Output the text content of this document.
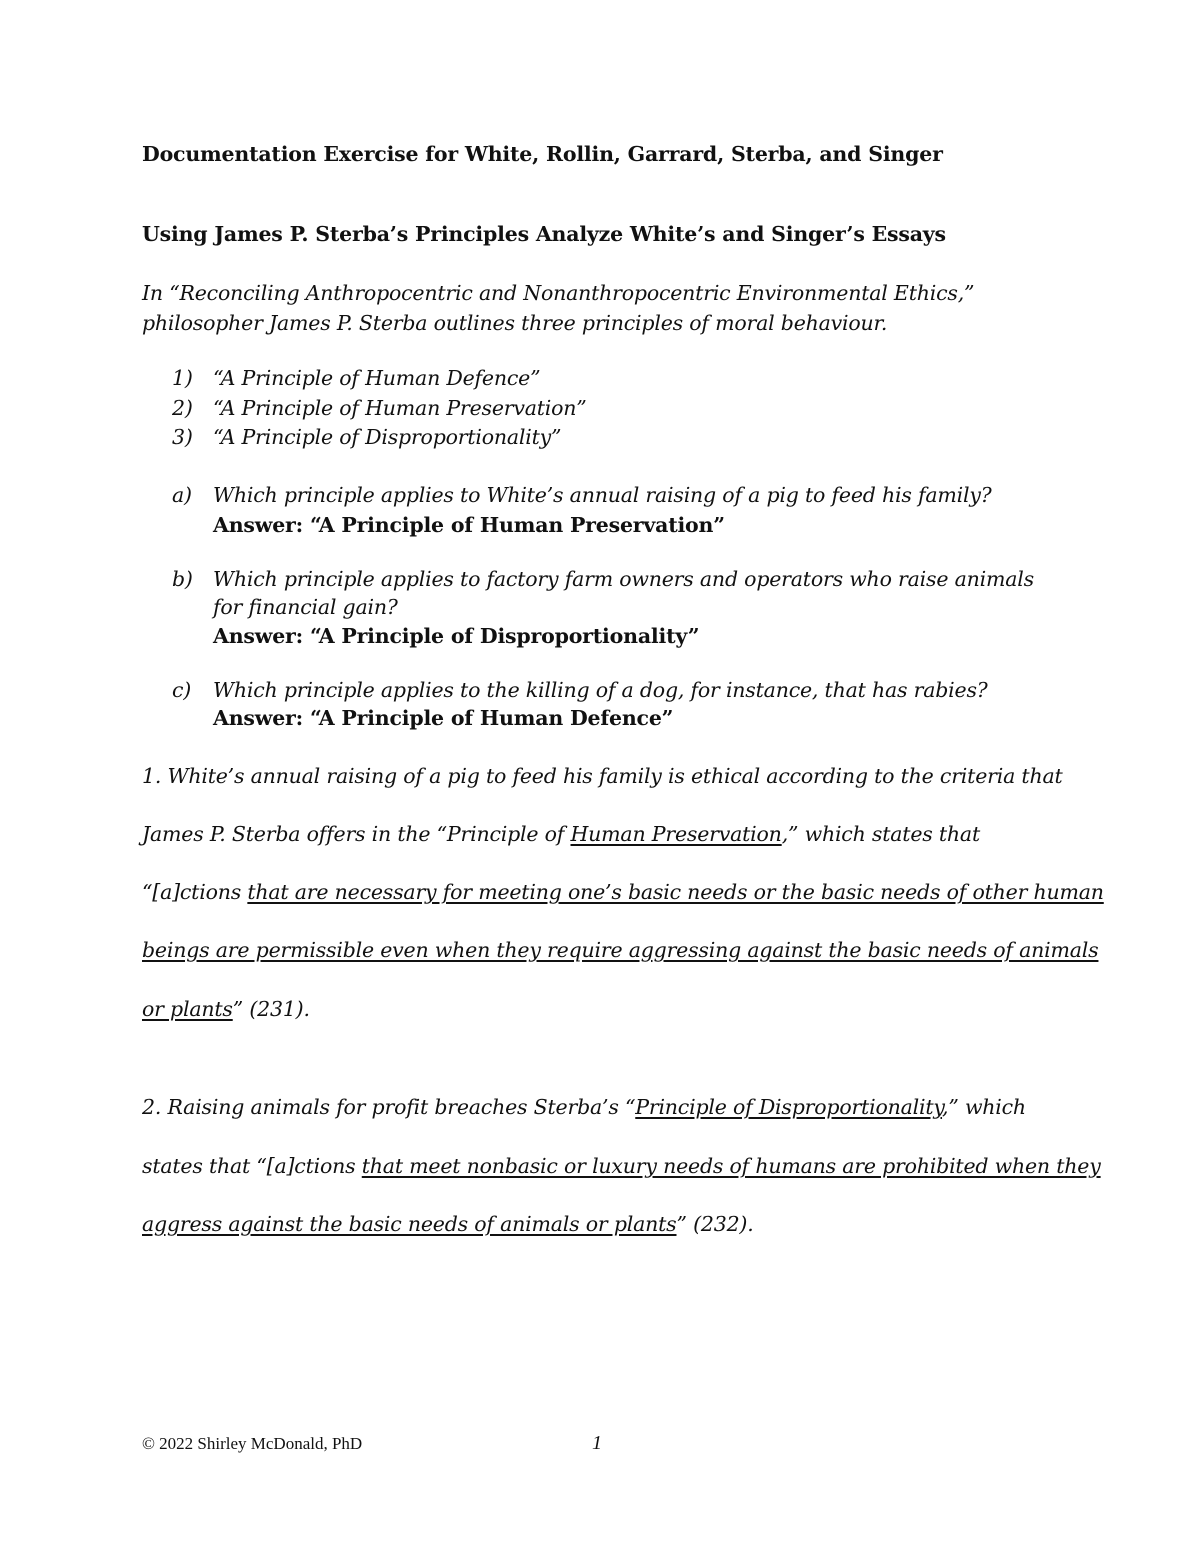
Documentation Exercise for White, Rollin, Garrard, Sterba, and Singer
Using James P. Sterba’s Principles Analyze White’s and Singer’s Essays
In “Reconciling Anthropocentric and Nonanthropocentric Environmental Ethics,”
philosopher James P. Sterba outlines three principles of moral behaviour.
1) “A Principle of Human Defence”
2) “A Principle of Human Preservation”
3) “A Principle of Disproportionality”
a) Which principle applies to White’s annual raising of a pig to feed his family?
Answer: “A Principle of Human Preservation”
b) Which principle applies to factory farm owners and operators who raise animals
for financial gain?
Answer: “A Principle of Disproportionality”
c) Which principle applies to the killing of a dog, for instance, that has rabies?
Answer: “A Principle of Human Defence”
1. White’s annual raising of a pig to feed his family is ethical according to the criteria that
James P. Sterba offers in the “Principle of Human Preservation,” which states that
“[a]ctions that are necessary for meeting one’s basic needs or the basic needs of other human
beings are permissible even when they require aggressing against the basic needs of animals
or plants” (231).
2. Raising animals for profit breaches Sterba’s “Principle of Disproportionality,” which
states that “[a]ctions that meet nonbasic or luxury needs of humans are prohibited when they
aggress against the basic needs of animals or plants” (232).
© 2022 Shirley McDonald, PhD	1
